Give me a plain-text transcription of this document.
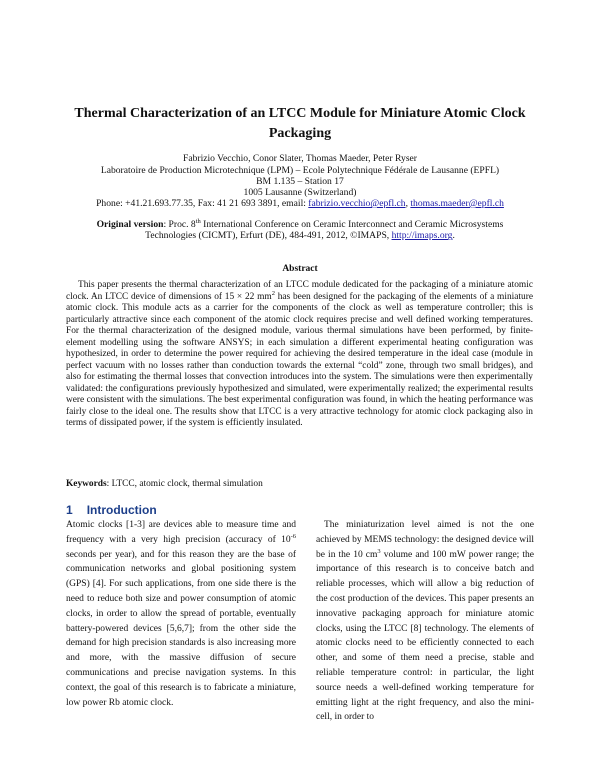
Thermal Characterization of an LTCC Module for Miniature Atomic Clock Packaging
Fabrizio Vecchio, Conor Slater, Thomas Maeder, Peter Ryser
Laboratoire de Production Microtechnique (LPM) – Ecole Polytechnique Fédérale de Lausanne (EPFL)
BM 1.135 – Station 17
1005 Lausanne (Switzerland)
Phone: +41.21.693.77.35, Fax: 41 21 693 3891, email: fabrizio.vecchio@epfl.ch, thomas.maeder@epfl.ch
Original version: Proc. 8th International Conference on Ceramic Interconnect and Ceramic Microsystems Technologies (CICMT), Erfurt (DE), 484-491, 2012, ©IMAPS, http://imaps.org.
Abstract
This paper presents the thermal characterization of an LTCC module dedicated for the packaging of a miniature atomic clock. An LTCC device of dimensions of 15 × 22 $mm^2$ has been designed for the packaging of the elements of a miniature atomic clock. This module acts as a carrier for the components of the clock as well as temperature controller; this is particularly attractive since each component of the atomic clock requires precise and well defined working temperatures. For the thermal characterization of the designed module, various thermal simulations have been performed, by finite-element modelling using the software ANSYS; in each simulation a different experimental heating configuration was hypothesized, in order to determine the power required for achieving the desired temperature in the ideal case (module in perfect vacuum with no losses rather than conduction towards the external “cold” zone, through two small bridges), and also for estimating the thermal losses that convection introduces into the system. The simulations were then experimentally validated: the configurations previously hypothesized and simulated, were experimentally realized; the experimental results were consistent with the simulations. The best experimental configuration was found, in which the heating performance was fairly close to the ideal one. The results show that LTCC is a very attractive technology for atomic clock packaging also in terms of dissipated power, if the system is efficiently insulated.
Keywords: LTCC, atomic clock, thermal simulation
1 Introduction
Atomic clocks [1-3] are devices able to measure time and frequency with a very high precision (accuracy of $10^{-6}$ seconds per year), and for this reason they are the base of communication networks and global positioning system (GPS) [4]. For such applications, from one side there is the need to reduce both size and power consumption of atomic clocks, in order to allow the spread of portable, eventually battery-powered devices [5,6,7]; from the other side the demand for high precision standards is also increasing more and more, with the massive diffusion of secure communications and precise navigation systems. In this context, the goal of this research is to fabricate a miniature, low power Rb atomic clock.
The miniaturization level aimed is not the one achieved by MEMS technology: the designed device will be in the 10 $cm^3$ volume and 100 mW power range; the importance of this research is to conceive batch and reliable processes, which will allow a big reduction of the cost production of the devices. This paper presents an innovative packaging approach for miniature atomic clocks, using the LTCC [8] technology. The elements of atomic clocks need to be efficiently connected to each other, and some of them need a precise, stable and reliable temperature control: in particular, the light source needs a well-defined working temperature for emitting light at the right frequency, and also the mini-cell, in order to
